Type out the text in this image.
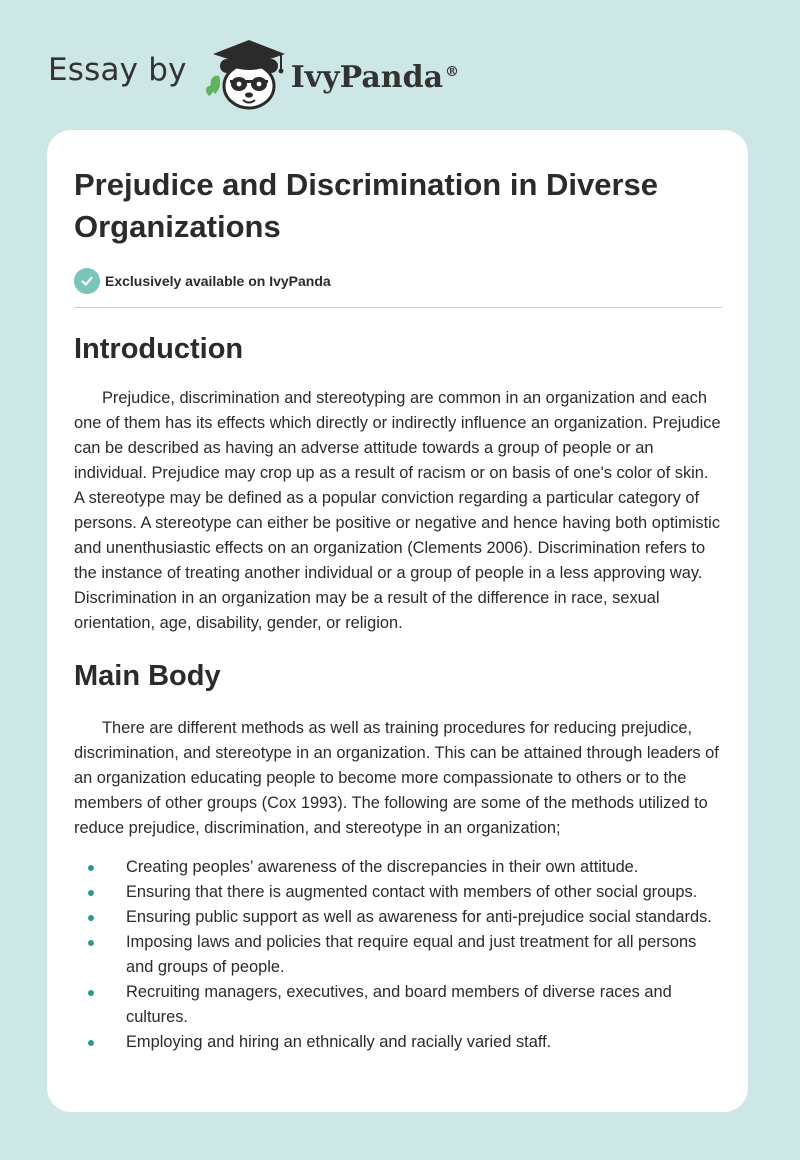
Essay by	IvyPanda ®
Prejudice and Discrimination in Diverse Organizations
Exclusively available on IvyPanda
Introduction

Prejudice, discrimination and stereotyping are common in an organization and each one of them has its effects which directly or indirectly influence an organization. Prejudice can be described as having an adverse attitude towards a group of people or an individual. Prejudice may crop up as a result of racism or on basis of one's color of skin. A stereotype may be defined as a popular conviction regarding a particular category of persons. A stereotype can either be positive or negative and hence having both optimistic and unenthusiastic effects on an organization (Clements 2006). Discrimination refers to the instance of treating another individual or a group of people in a less approving way. Discrimination in an organization may be a result of the difference in race, sexual orientation, age, disability, gender, or religion.

Main Body

There are different methods as well as training procedures for reducing prejudice, discrimination, and stereotype in an organization. This can be attained through leaders of an organization educating people to become more compassionate to others or to the members of other groups (Cox 1993). The following are some of the methods utilized to reduce prejudice, discrimination, and stereotype in an organization;

Creating peoples’ awareness of the discrepancies in their own attitude.
Ensuring that there is augmented contact with members of other social groups.
Ensuring public support as well as awareness for anti-prejudice social standards.
Imposing laws and policies that require equal and just treatment for all persons and groups of people.
Recruiting managers, executives, and board members of diverse races and cultures.
Employing and hiring an ethnically and racially varied staff.
